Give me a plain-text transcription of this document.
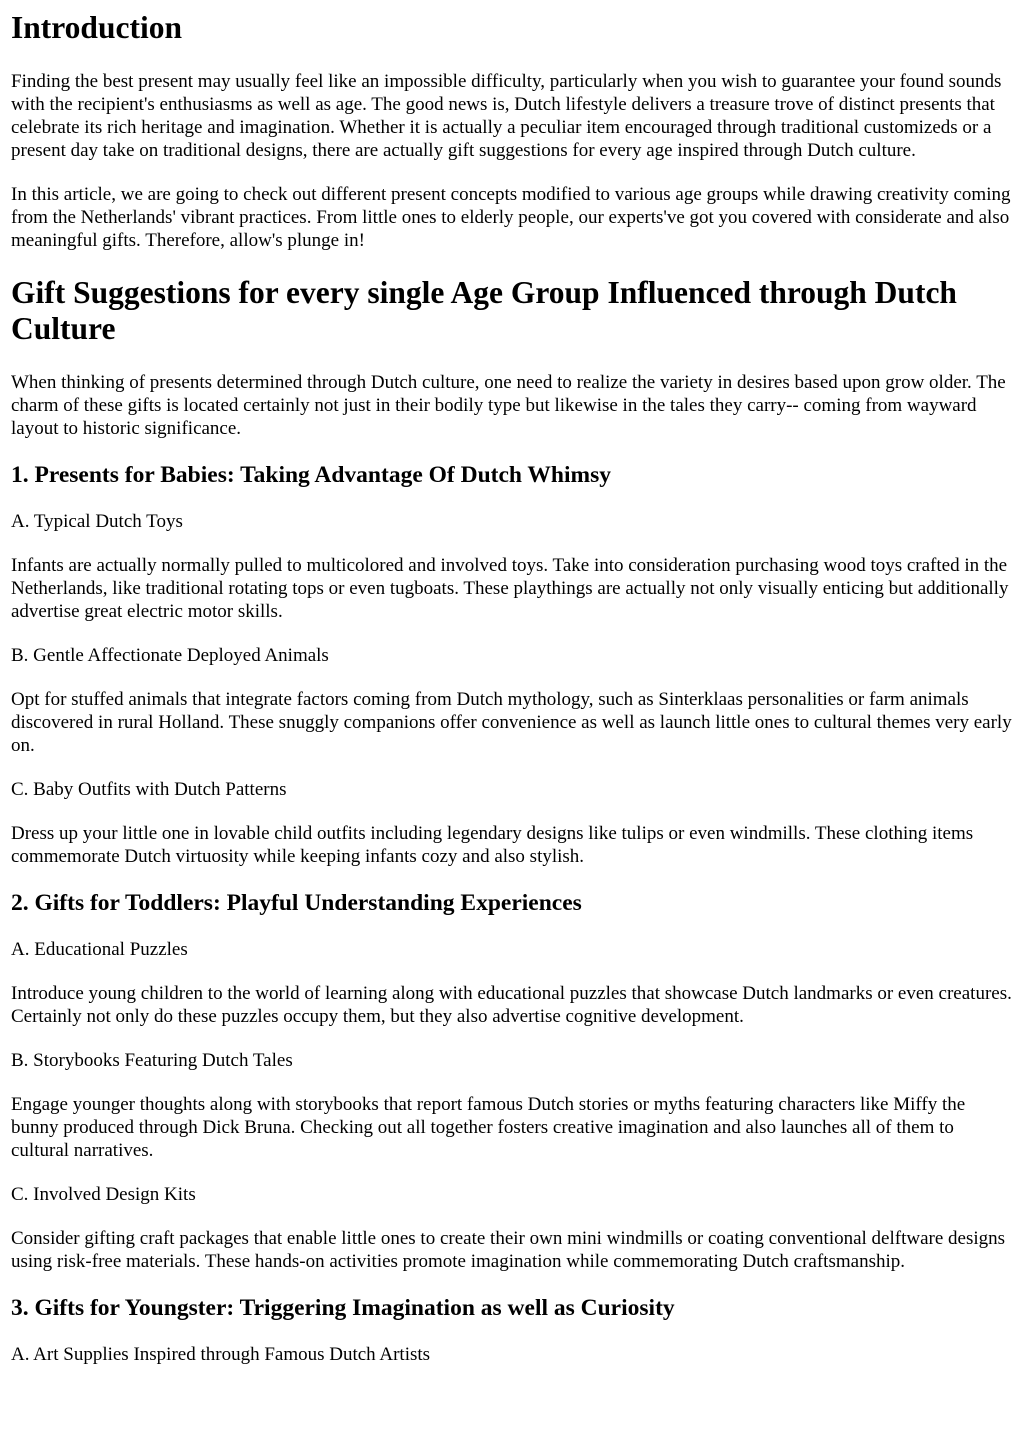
Introduction

Finding the best present may usually feel like an impossible difficulty, particularly when you wish to guarantee your found sounds with the recipient's enthusiasms as well as age. The good news is, Dutch lifestyle delivers a treasure trove of distinct presents that celebrate its rich heritage and imagination. Whether it is actually a peculiar item encouraged through traditional customizeds or a present day take on traditional designs, there are actually gift suggestions for every age inspired through Dutch culture.

In this article, we are going to check out different present concepts modified to various age groups while drawing creativity coming from the Netherlands' vibrant practices. From little ones to elderly people, our experts've got you covered with considerate and also meaningful gifts. Therefore, allow's plunge in!

Gift Suggestions for every single Age Group Influenced through Dutch Culture

When thinking of presents determined through Dutch culture, one need to realize the variety in desires based upon grow older. The charm of these gifts is located certainly not just in their bodily type but likewise in the tales they carry-- coming from wayward layout to historic significance.

1. Presents for Babies: Taking Advantage Of Dutch Whimsy

A. Typical Dutch Toys

Infants are actually normally pulled to multicolored and involved toys. Take into consideration purchasing wood toys crafted in the Netherlands, like traditional rotating tops or even tugboats. These playthings are actually not only visually enticing but additionally advertise great electric motor skills.

B. Gentle Affectionate Deployed Animals

Opt for stuffed animals that integrate factors coming from Dutch mythology, such as Sinterklaas personalities or farm animals discovered in rural Holland. These snuggly companions offer convenience as well as launch little ones to cultural themes very early on.

C. Baby Outfits with Dutch Patterns

Dress up your little one in lovable child outfits including legendary designs like tulips or even windmills. These clothing items commemorate Dutch virtuosity while keeping infants cozy and also stylish.

2. Gifts for Toddlers: Playful Understanding Experiences

A. Educational Puzzles

Introduce young children to the world of learning along with educational puzzles that showcase Dutch landmarks or even creatures. Certainly not only do these puzzles occupy them, but they also advertise cognitive development.

B. Storybooks Featuring Dutch Tales

Engage younger thoughts along with storybooks that report famous Dutch stories or myths featuring characters like Miffy the bunny produced through Dick Bruna. Checking out all together fosters creative imagination and also launches all of them to cultural narratives.

C. Involved Design Kits

Consider gifting craft packages that enable little ones to create their own mini windmills or coating conventional delftware designs using risk-free materials. These hands-on activities promote imagination while commemorating Dutch craftsmanship.

3. Gifts for Youngster: Triggering Imagination as well as Curiosity

A. Art Supplies Inspired through Famous Dutch Artists
